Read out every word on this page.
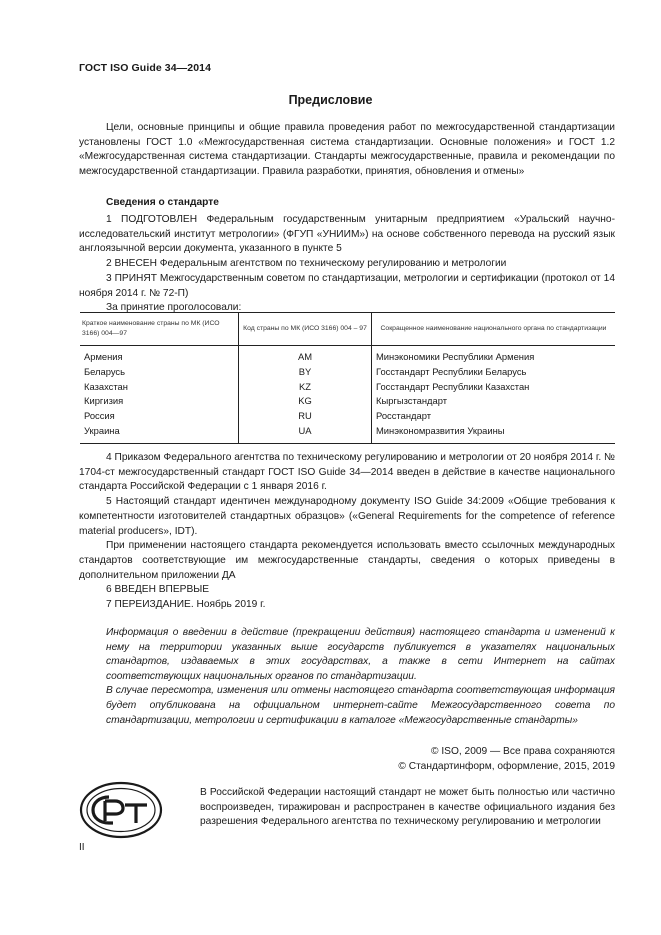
ГОСТ ISO Guide 34—2014
Предисловие

Цели, основные принципы и общие правила проведения работ по межгосударственной стандартизации установлены ГОСТ 1.0 «Межгосударственная система стандартизации. Основные положения» и ГОСТ 1.2 «Межгосударственная система стандартизации. Стандарты межгосударственные, правила и рекомендации по межгосударственной стандартизации. Правила разработки, принятия, обновления и отмены»

Сведения о стандарте

1 ПОДГОТОВЛЕН Федеральным государственным унитарным предприятием «Уральский научно-исследовательский институт метрологии» (ФГУП «УНИИМ») на основе собственного перевода на русский язык англоязычной версии документа, указанного в пункте 5

2 ВНЕСЕН Федеральным агентством по техническому регулированию и метрологии

3 ПРИНЯТ Межгосударственным советом по стандартизации, метрологии и сертификации (протокол от 14 ноября 2014 г. № 72-П)

За принятие проголосовали:

Краткое наименование страны по МК (ИСО 3166) 004—97	Код страны по МК (ИСО 3166) 004 – 97	Сокращенное наименование национального органа по стандартизации
Армения	AM	Минэкономики Республики Армения
Беларусь	BY	Госстандарт Республики Беларусь
Казахстан	KZ	Госстандарт Республики Казахстан
Киргизия	KG	Кыргызстандарт
Россия	RU	Росстандарт
Украина	UA	Минэкономразвития Украины

4 Приказом Федерального агентства по техническому регулированию и метрологии от 20 ноября 2014 г. № 1704-ст межгосударственный стандарт ГОСТ ISO Guide 34—2014 введен в действие в качестве национального стандарта Российской Федерации с 1 января 2016 г.

5 Настоящий стандарт идентичен международному документу ISO Guide 34:2009 «Общие требования к компетентности изготовителей стандартных образцов» («General Requirements for the competence of reference material producers», IDT).

При применении настоящего стандарта рекомендуется использовать вместо ссылочных международных стандартов соответствующие им межгосударственные стандарты, сведения о которых приведены в дополнительном приложении ДА

6 ВВЕДЕН ВПЕРВЫЕ

7 ПЕРЕИЗДАНИЕ. Ноябрь 2019 г.

Информация о введении в действие (прекращении действия) настоящего стандарта и изменений к нему на территории указанных выше государств публикуется в указателях национальных стандартов, издаваемых в этих государствах, а также в сети Интернет на сайтах соответствующих национальных органов по стандартизации.

В случае пересмотра, изменения или отмены настоящего стандарта соответствующая информация будет опубликована на официальном интернет-сайте Межгосударственного совета по стандартизации, метрологии и сертификации в каталоге «Межгосударственные стандарты»

© ISO, 2009 — Все права сохраняются
© Стандартинформ, оформление, 2015, 2019

В Российской Федерации настоящий стандарт не может быть полностью или частично воспроизведен, тиражирован и распространен в качестве официального издания без разрешения Федерального агентства по техническому регулированию и метрологии

II
